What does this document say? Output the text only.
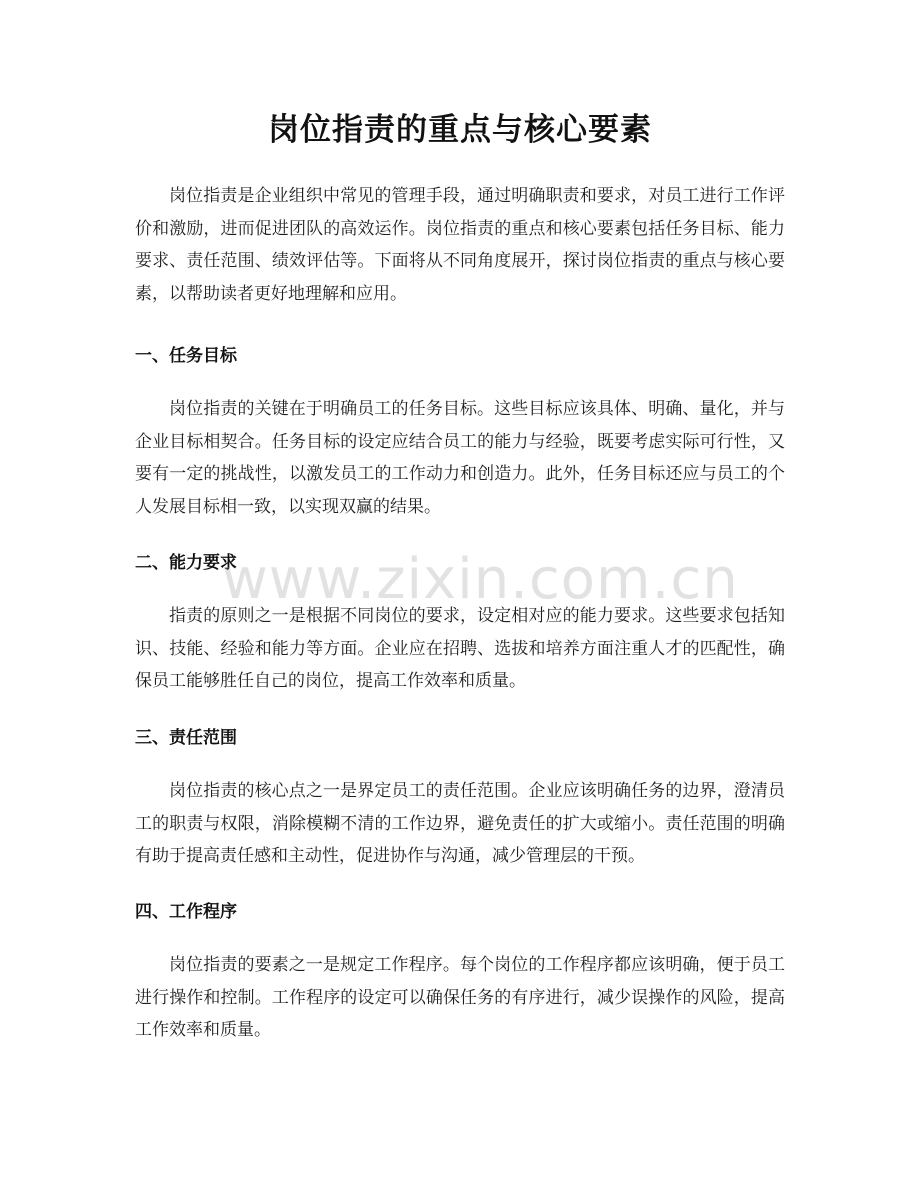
岗位指责的重点与核心要素

岗位指责是企业组织中常见的管理手段，通过明确职责和要求，对员工进行工作评价和激励，进而促进团队的高效运作。岗位指责的重点和核心要素包括任务目标、能力要求、责任范围、绩效评估等。下面将从不同角度展开，探讨岗位指责的重点与核心要素，以帮助读者更好地理解和应用。

一、任务目标

岗位指责的关键在于明确员工的任务目标。这些目标应该具体、明确、量化，并与企业目标相契合。任务目标的设定应结合员工的能力与经验，既要考虑实际可行性，又要有一定的挑战性，以激发员工的工作动力和创造力。此外，任务目标还应与员工的个人发展目标相一致，以实现双赢的结果。

二、能力要求

指责的原则之一是根据不同岗位的要求，设定相对应的能力要求。这些要求包括知识、技能、经验和能力等方面。企业应在招聘、选拔和培养方面注重人才的匹配性，确保员工能够胜任自己的岗位，提高工作效率和质量。

三、责任范围

岗位指责的核心点之一是界定员工的责任范围。企业应该明确任务的边界，澄清员工的职责与权限，消除模糊不清的工作边界，避免责任的扩大或缩小。责任范围的明确有助于提高责任感和主动性，促进协作与沟通，减少管理层的干预。

四、工作程序

岗位指责的要素之一是规定工作程序。每个岗位的工作程序都应该明确，便于员工进行操作和控制。工作程序的设定可以确保任务的有序进行，减少误操作的风险，提高工作效率和质量。

www.zixin.com.cn
